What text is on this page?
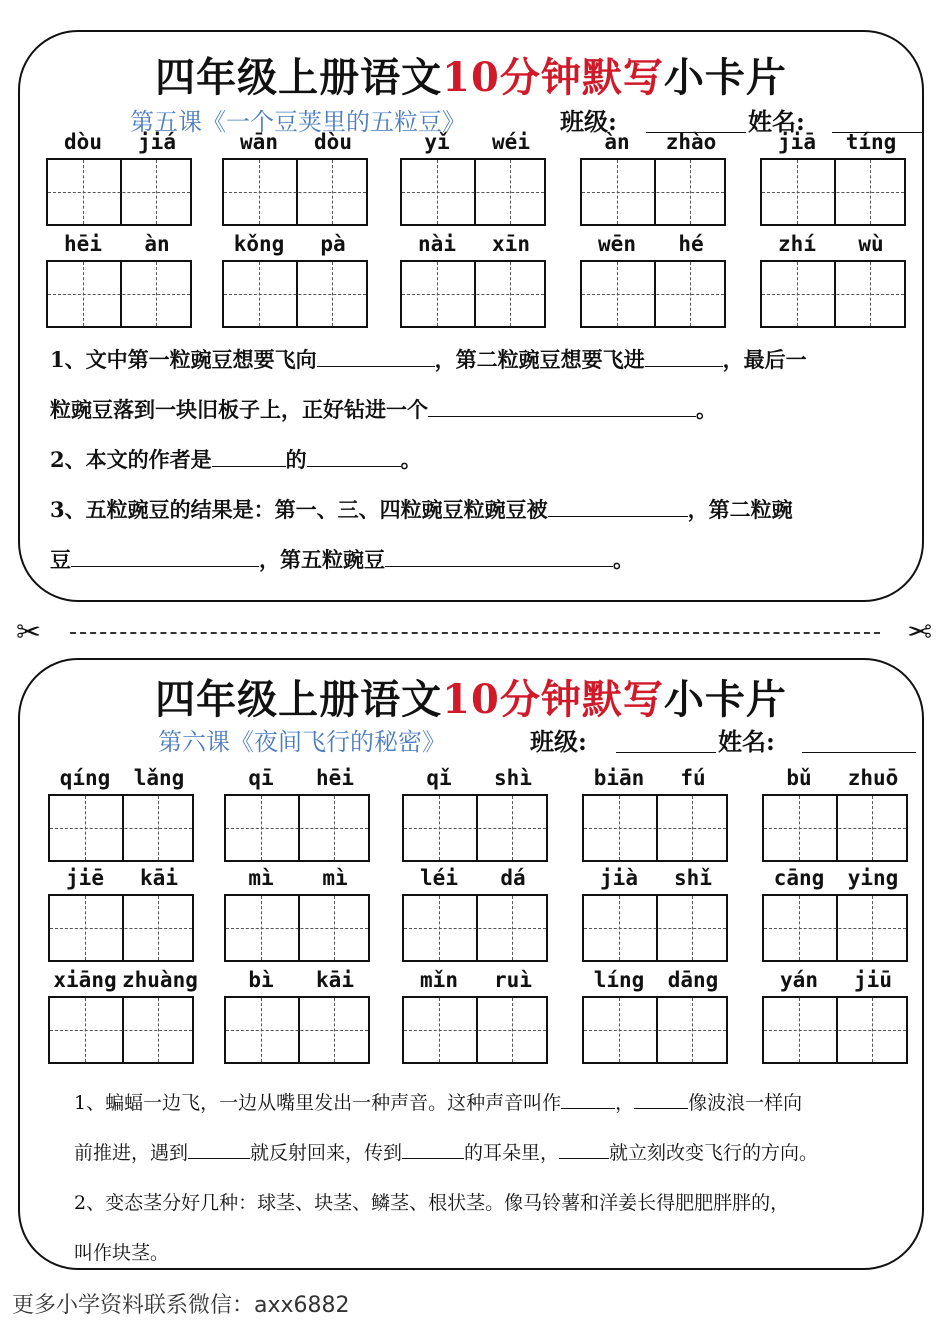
四年级上册语文10分钟默写小卡片
第五课《一个豆荚里的五粒豆》	班级:	姓名:
dòu	jiá	wān	dòu	yǐ	wéi	àn	zhào	jiā	tíng
hēi	àn	kǒng	pà	nài	xīn	wēn	hé	zhí	wù
1、文中第一粒豌豆想要飞向	，第二粒豌豆想要飞进	，最后一
粒豌豆落到一块旧板子上，正好钻进一个	。
2、本文的作者是	的	。
3、五粒豌豆的结果是：第一、三、四粒豌豆粒豌豆被	，第二粒豌
豆	，第五粒豌豆	。
✂	✂
四年级上册语文10分钟默写小卡片
第六课《夜间飞行的秘密》	班级:	姓名:
qíng	lǎng	qī	hēi	qǐ	shì	biān	fú	bǔ	zhuō
jiē	kāi	mì	mì	léi	dá	jià	shǐ	cāng	ying
xiāng zhuàng	bì	kāi	mǐn	ruì	líng	dāng	yán	jiū
1、蝙蝠一边飞，一边从嘴里发出一种声音。这种声音叫作	，	像波浪一样向
前推进，遇到	就反射回来，传到	的耳朵里，	就立刻改变飞行的方向。
2、变态茎分好几种：球茎、块茎、鳞茎、根状茎。像马铃薯和洋姜长得肥肥胖胖的，
叫作块茎。
更多小学资料联系微信：axx6882
